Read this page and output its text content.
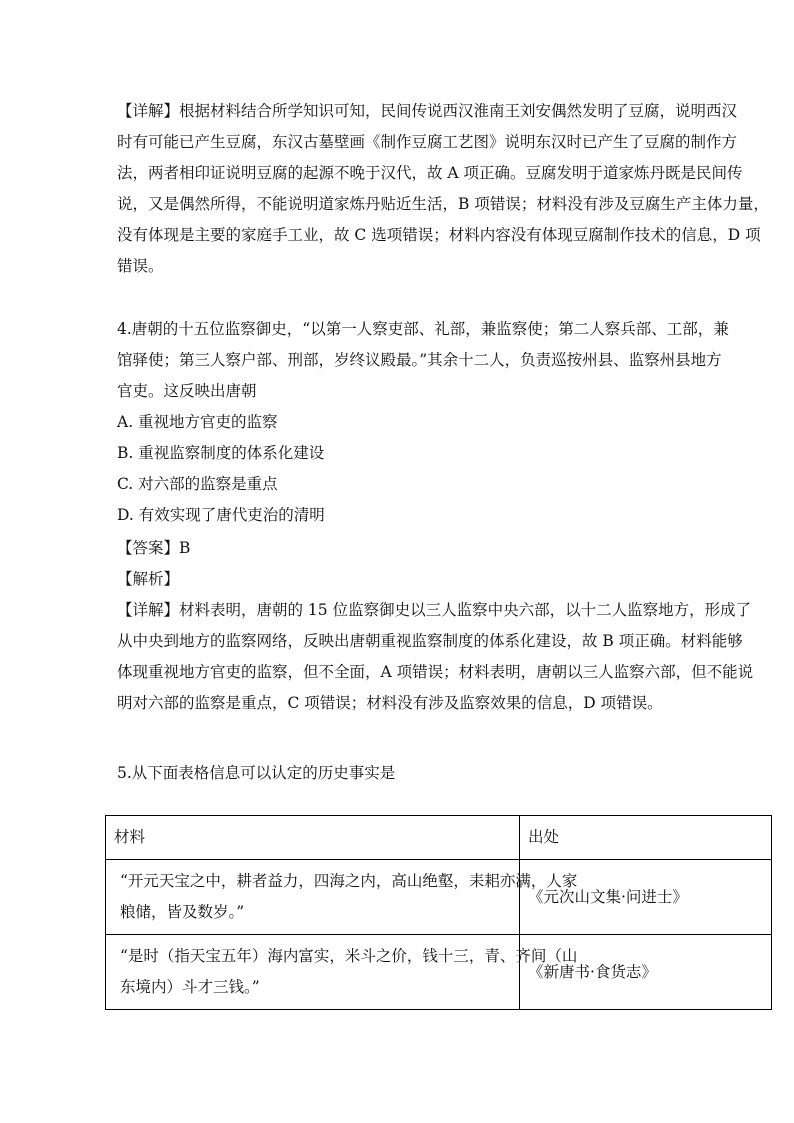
【详解】根据材料结合所学知识可知，民间传说西汉淮南王刘安偶然发明了豆腐，说明西汉
时有可能已产生豆腐，东汉古墓壁画《制作豆腐工艺图》说明东汉时已产生了豆腐的制作方
法，两者相印证说明豆腐的起源不晚于汉代，故 A 项正确。豆腐发明于道家炼丹既是民间传
说，又是偶然所得，不能说明道家炼丹贴近生活，B 项错误；材料没有涉及豆腐生产主体力量，
没有体现是主要的家庭手工业，故 C 选项错误；材料内容没有体现豆腐制作技术的信息，D 项
错误。

4.唐朝的十五位监察御史，“以第一人察吏部、礼部，兼监察使；第二人察兵部、工部，兼
馆驿使；第三人察户部、刑部，岁终议殿最。”其余十二人，负责巡按州县、监察州县地方
官吏。这反映出唐朝

A. 重视地方官吏的监察
B. 重视监察制度的体系化建设
C. 对六部的监察是重点
D. 有效实现了唐代吏治的清明
【答案】B
【解析】

【详解】材料表明，唐朝的 15 位监察御史以三人监察中央六部，以十二人监察地方，形成了
从中央到地方的监察网络，反映出唐朝重视监察制度的体系化建设，故 B 项正确。材料能够
体现重视地方官吏的监察，但不全面，A 项错误；材料表明，唐朝以三人监察六部，但不能说
明对六部的监察是重点，C 项错误；材料没有涉及监察效果的信息，D 项错误。

5.从下面表格信息可以认定的历史事实是

材料	出处

“开元天宝之中，耕者益力，四海之内，高山绝壑，耒耜亦满，人家
粮储，皆及数岁。”	《元次山文集·问进士》

“是时（指天宝五年）海内富实，米斗之价，钱十三，青、齐间（山
东境内）斗才三钱。”	《新唐书·食货志》
